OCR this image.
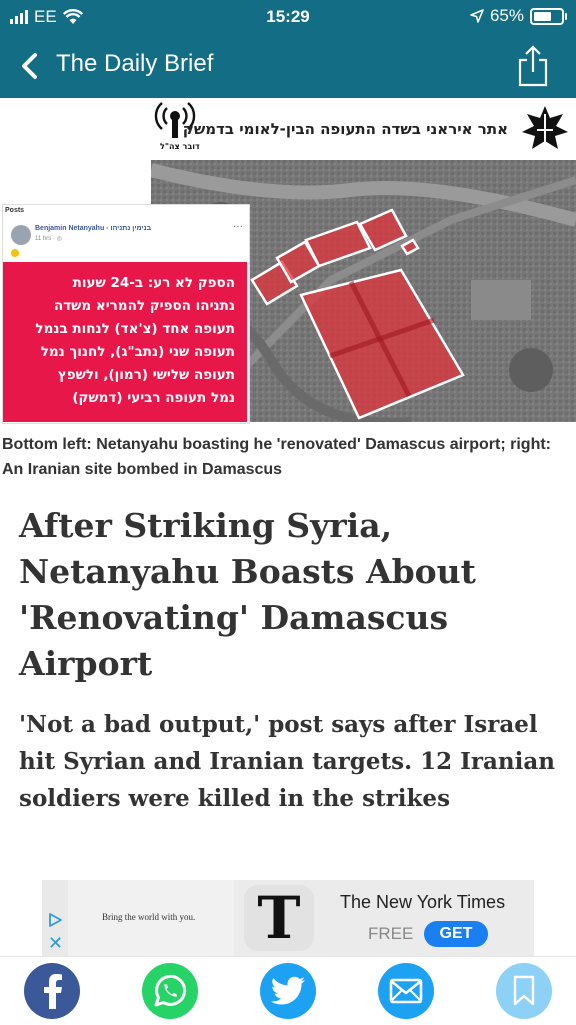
EE	15:29	65%
The Daily Brief
דובר צה"ל
אתר איראני בשדה התעופה הבין-לאומי בדמשק
Posts
Benjamin Netanyahu - בנימין נתניהו
11 hrs · ◎
···
הספק לא רע: ב-24 שעות
נתניהו הספיק להמריא משדה
תעופה אחד (צ'אד) לנחות בנמל
תעופה שני (נתב"ג), לחנוך נמל
תעופה שלישי (רמון), ולשפץ
נמל תעופה רביעי (דמשק)
Bottom left: Netanyahu boasting he 'renovated' Damascus airport; right: An Iranian site bombed in Damascus
After Striking Syria, Netanyahu Boasts About 'Renovating' Damascus Airport
'Not a bad output,' post says after Israel hit Syrian and Iranian targets. 12 Iranian soldiers were killed in the strikes
✕
Bring the world with you. T	The New York Times
FREE	GET
